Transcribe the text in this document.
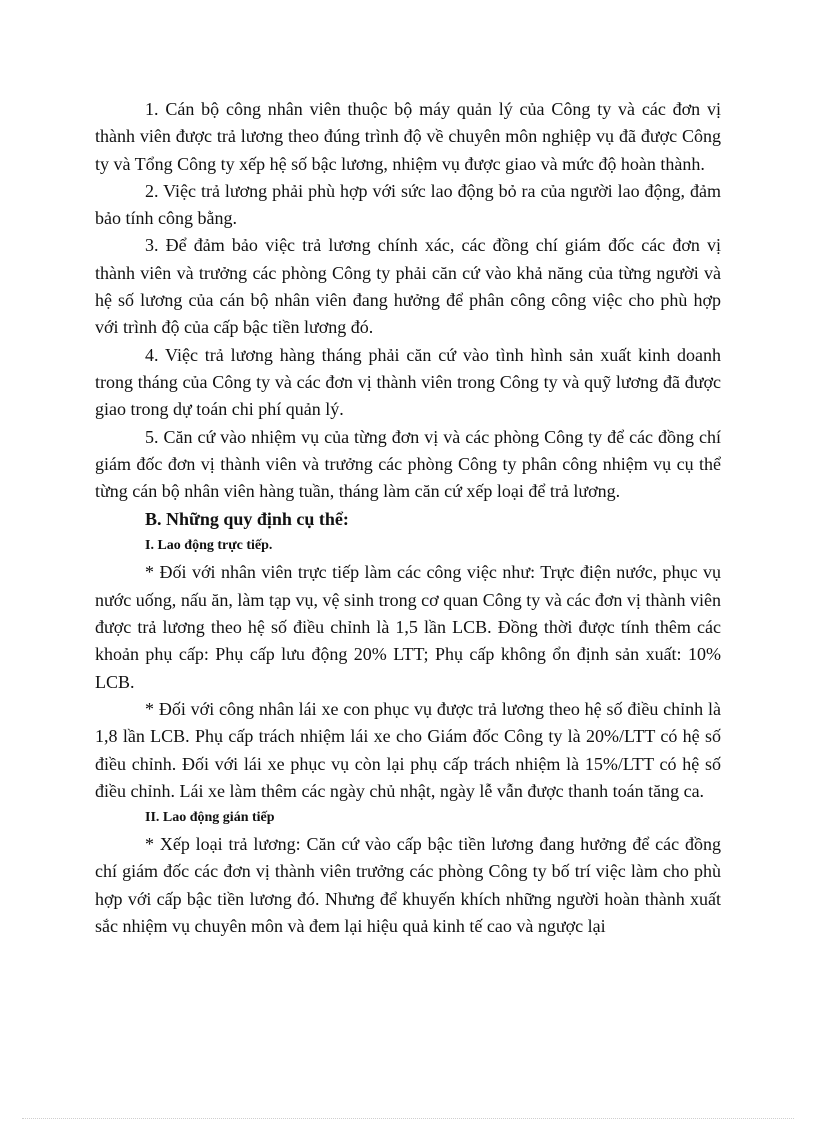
1. Cán bộ công nhân viên thuộc bộ máy quản lý của Công ty và các đơn vị thành viên được trả lương theo đúng trình độ về chuyên môn nghiệp vụ đã được Công ty và Tổng Công ty xếp hệ số bậc lương, nhiệm vụ được giao và mức độ hoàn thành.

2. Việc trả lương phải phù hợp với sức lao động bỏ ra của người lao động, đảm bảo tính công bằng.

3. Để đảm bảo việc trả lương chính xác, các đồng chí giám đốc các đơn vị thành viên và trưởng các phòng Công ty phải căn cứ vào khả năng của từng người và hệ số lương của cán bộ nhân viên đang hưởng để phân công công việc cho phù hợp với trình độ của cấp bậc tiền lương đó.

4. Việc trả lương hàng tháng phải căn cứ vào tình hình sản xuất kinh doanh trong tháng của Công ty và các đơn vị thành viên trong Công ty và quỹ lương đã được giao trong dự toán chi phí quản lý.

5. Căn cứ vào nhiệm vụ của từng đơn vị và các phòng Công ty để các đồng chí giám đốc đơn vị thành viên và trưởng các phòng Công ty phân công nhiệm vụ cụ thể từng cán bộ nhân viên hàng tuần, tháng làm căn cứ xếp loại để trả lương.

B. Những quy định cụ thể:

I. Lao động trực tiếp.

* Đối với nhân viên trực tiếp làm các công việc như: Trực điện nước, phục vụ nước uống, nấu ăn, làm tạp vụ, vệ sinh trong cơ quan Công ty và các đơn vị thành viên được trả lương theo hệ số điều chỉnh là 1,5 lần LCB. Đồng thời được tính thêm các khoản phụ cấp: Phụ cấp lưu động 20% LTT; Phụ cấp không ổn định sản xuất: 10% LCB.

* Đối với công nhân lái xe con phục vụ được trả lương theo hệ số điều chỉnh là 1,8 lần LCB. Phụ cấp trách nhiệm lái xe cho Giám đốc Công ty là 20%/LTT có hệ số điều chỉnh. Đối với lái xe phục vụ còn lại phụ cấp trách nhiệm là 15%/LTT có hệ số điều chỉnh. Lái xe làm thêm các ngày chủ nhật, ngày lễ vẫn được thanh toán tăng ca.

II. Lao động gián tiếp

* Xếp loại trả lương: Căn cứ vào cấp bậc tiền lương đang hưởng để các đồng chí giám đốc các đơn vị thành viên trưởng các phòng Công ty bố trí việc làm cho phù hợp với cấp bậc tiền lương đó. Nhưng để khuyến khích những người hoàn thành xuất sắc nhiệm vụ chuyên môn và đem lại hiệu quả kinh tế cao và ngược lại
